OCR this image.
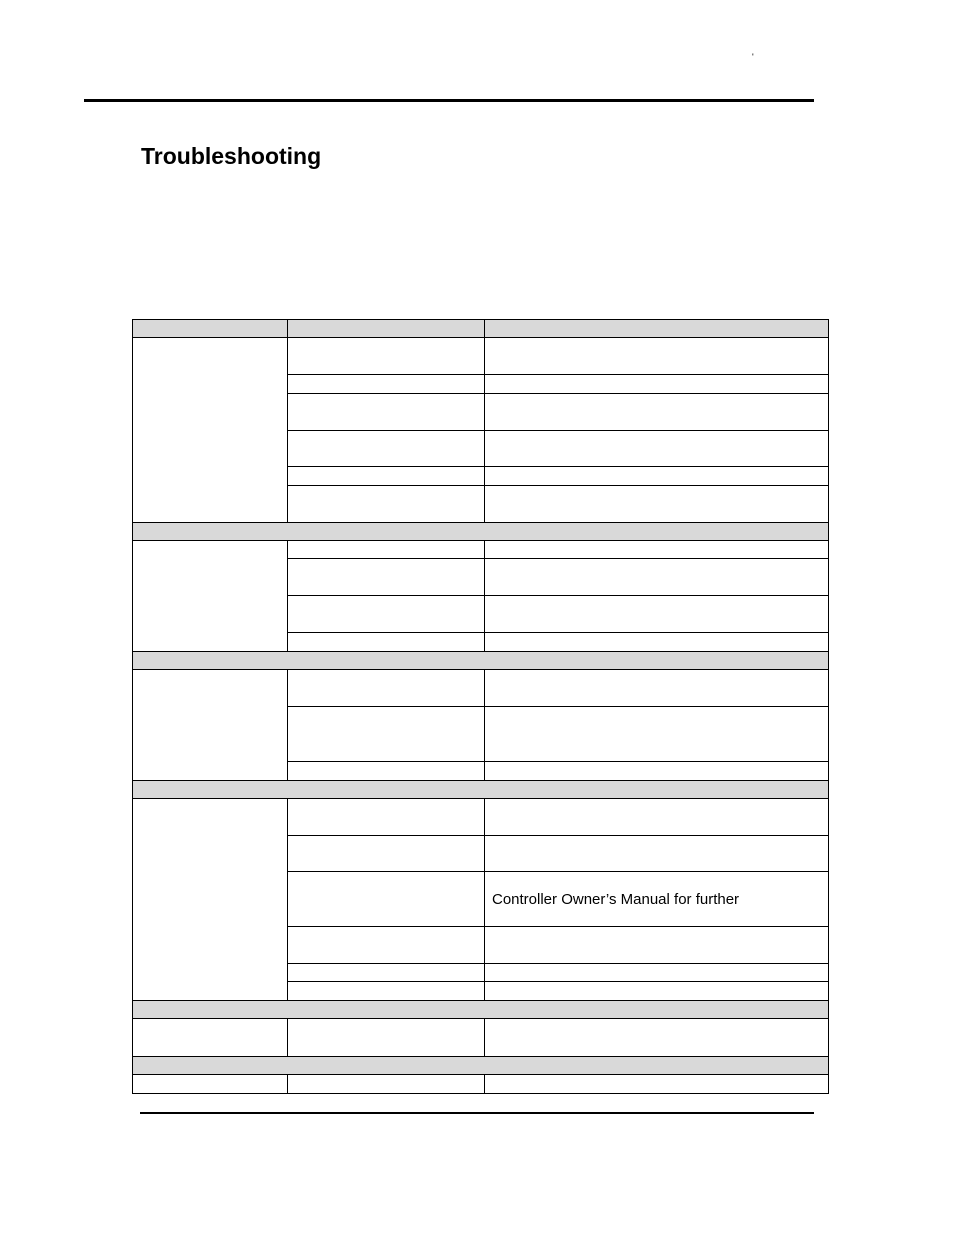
'
Troubleshooting
Controller Owner’s Manual for further
